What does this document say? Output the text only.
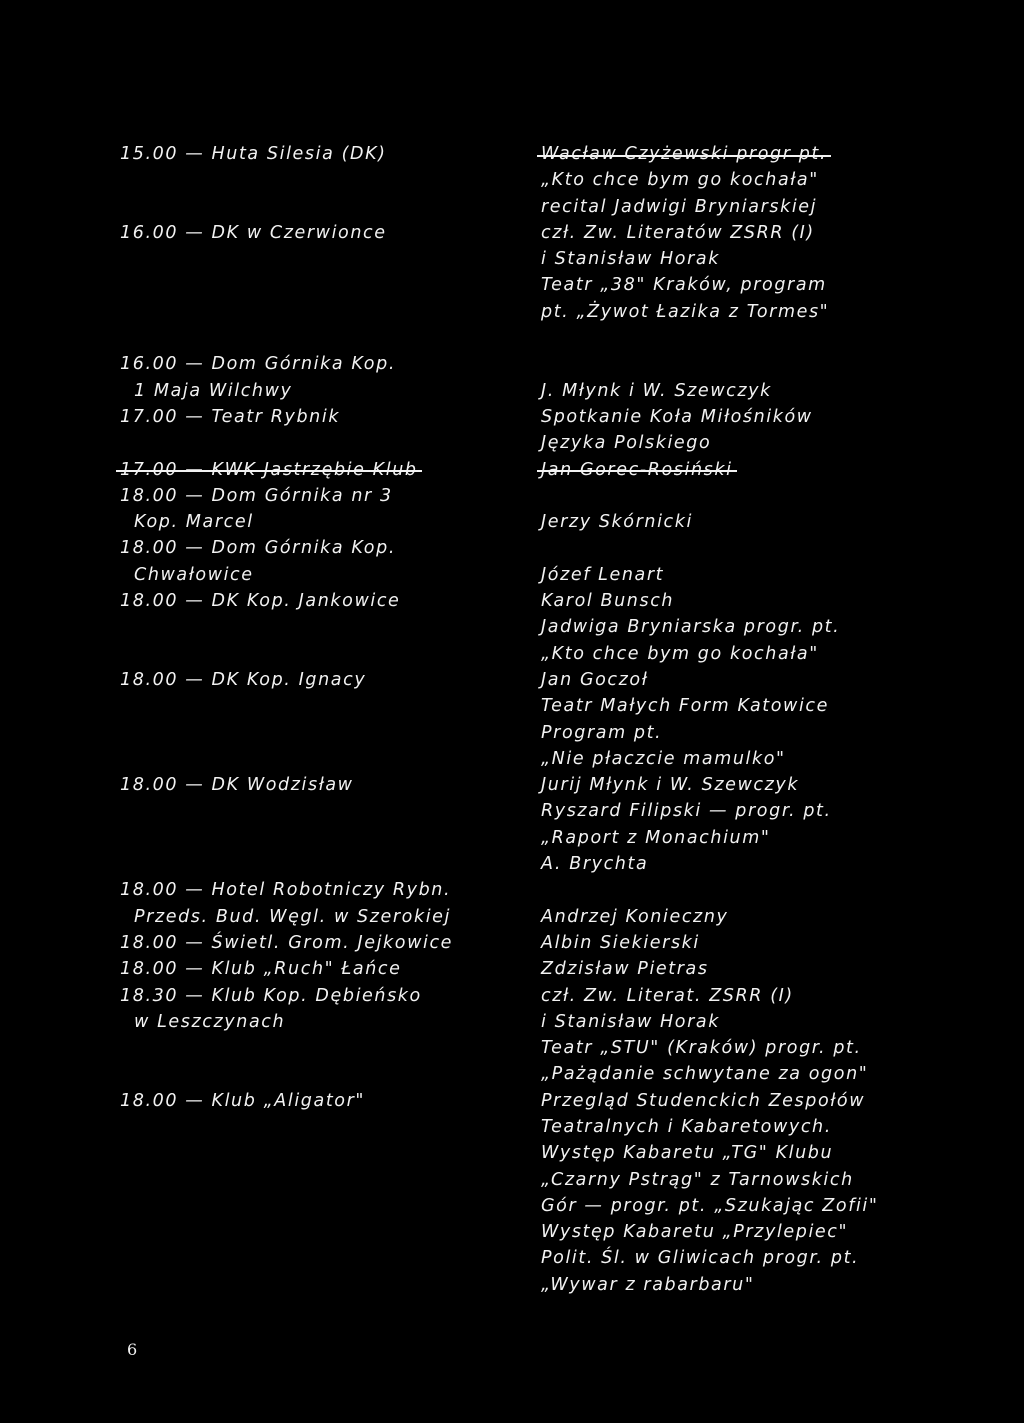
15.00 — Huta Silesia (DK)
16.00 — DK w Czerwionce
16.00 — Dom Górnika Kop.
1 Maja Wilchwy
17.00 — Teatr Rybnik
17.00 — KWK Jastrzębie Klub
18.00 — Dom Górnika nr 3
Kop. Marcel
18.00 — Dom Górnika Kop.
Chwałowice
18.00 — DK Kop. Jankowice
18.00 — DK Kop. Ignacy
18.00 — DK Wodzisław
18.00 — Hotel Robotniczy Rybn.
Przeds. Bud. Węgl. w Szerokiej
18.00 — Świetl. Grom. Jejkowice
18.00 — Klub „Ruch" Łańce
18.30 — Klub Kop. Dębieńsko
w Leszczynach
18.00 — Klub „Aligator"
Wacław Czyżewski progr pt.
„Kto chce bym go kochała"
recital Jadwigi Bryniarskiej
czł. Zw. Literatów ZSRR (I)
i Stanisław Horak
Teatr „38" Kraków, program
pt. „Żywot Łazika z Tormes"
J. Młynk i W. Szewczyk
Spotkanie Koła Miłośników
Języka Polskiego
Jan Gorec-Rosiński
Jerzy Skórnicki
Józef Lenart
Karol Bunsch
Jadwiga Bryniarska progr. pt.
„Kto chce bym go kochała"
Jan Goczoł
Teatr Małych Form Katowice
Program pt.
„Nie płaczcie mamulko"
Jurij Młynk i W. Szewczyk
Ryszard Filipski — progr. pt.
„Raport z Monachium"
A. Brychta
Andrzej Konieczny
Albin Siekierski
Zdzisław Pietras
czł. Zw. Literat. ZSRR (I)
i Stanisław Horak
Teatr „STU" (Kraków) progr. pt.
„Pażądanie schwytane za ogon"
Przegląd Studenckich Zespołów
Teatralnych i Kabaretowych.
Występ Kabaretu „TG" Klubu
„Czarny Pstrąg" z Tarnowskich
Gór — progr. pt. „Szukając Zofii"
Występ Kabaretu „Przylepiec"
Polit. Śl. w Gliwicach progr. pt.
„Wywar z rabarbaru"
6
